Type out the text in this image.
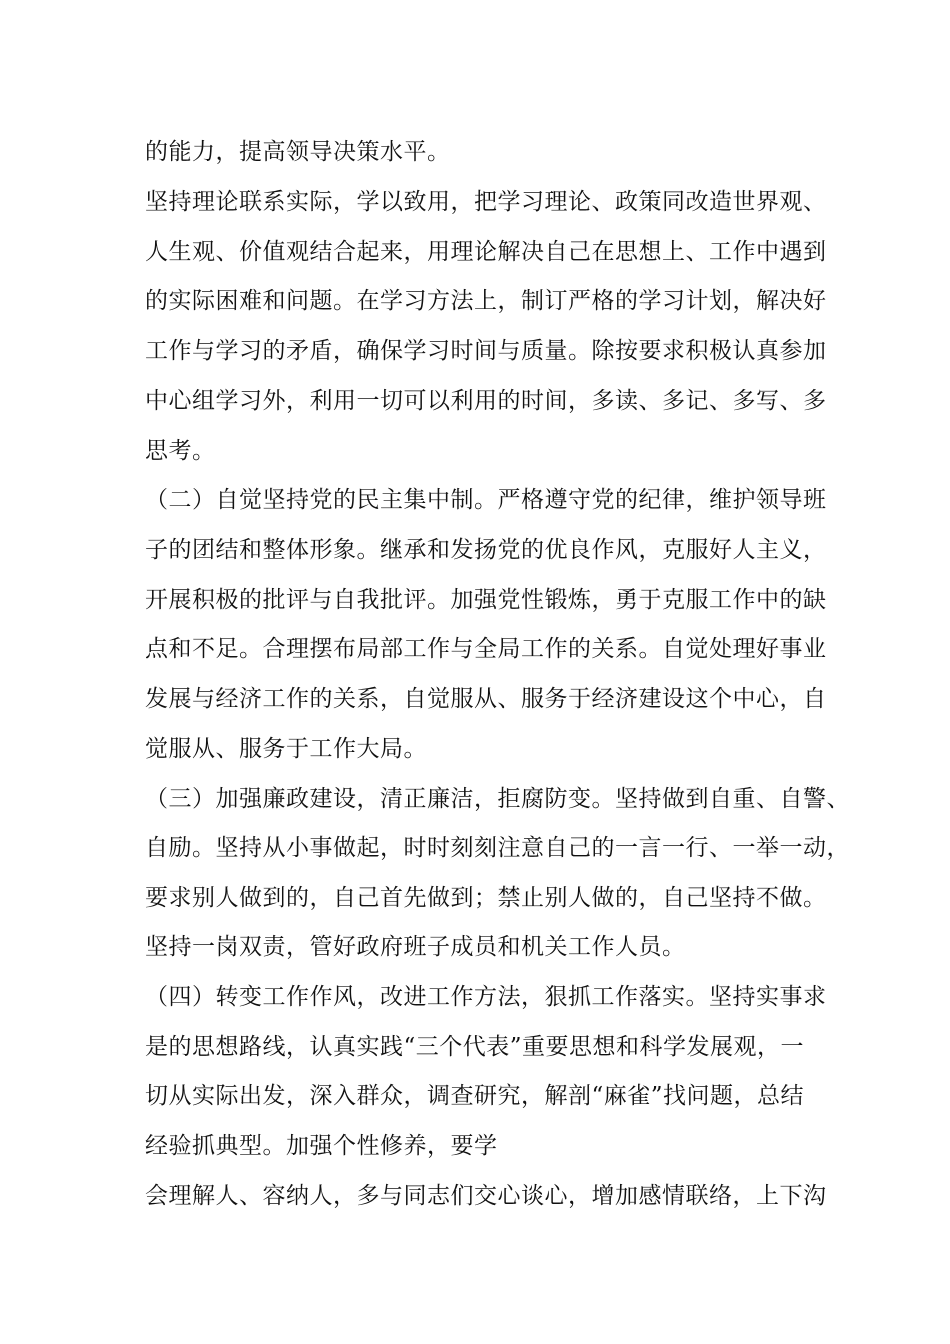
的能力，提高领导决策水平。
坚持理论联系实际，学以致用，把学习理论、政策同改造世界观、
人生观、价值观结合起来，用理论解决自己在思想上、工作中遇到
的实际困难和问题。在学习方法上，制订严格的学习计划，解决好
工作与学习的矛盾，确保学习时间与质量。除按要求积极认真参加
中心组学习外，利用一切可以利用的时间，多读、多记、多写、多
思考。
（二）自觉坚持党的民主集中制。严格遵守党的纪律，维护领导班
子的团结和整体形象。继承和发扬党的优良作风，克服好人主义，
开展积极的批评与自我批评。加强党性锻炼，勇于克服工作中的缺
点和不足。合理摆布局部工作与全局工作的关系。自觉处理好事业
发展与经济工作的关系，自觉服从、服务于经济建设这个中心，自
觉服从、服务于工作大局。
（三）加强廉政建设，清正廉洁，拒腐防变。坚持做到自重、自警、
自励。坚持从小事做起，时时刻刻注意自己的一言一行、一举一动，
要求别人做到的，自己首先做到；禁止别人做的，自己坚持不做。
坚持一岗双责，管好政府班子成员和机关工作人员。
（四）转变工作作风，改进工作方法，狠抓工作落实。坚持实事求
是的思想路线，认真实践“三个代表”重要思想和科学发展观，一
切从实际出发，深入群众，调查研究，解剖“麻雀”找问题，总结
经验抓典型。加强个性修养，要学
会理解人、容纳人，多与同志们交心谈心，增加感情联络，上下沟
